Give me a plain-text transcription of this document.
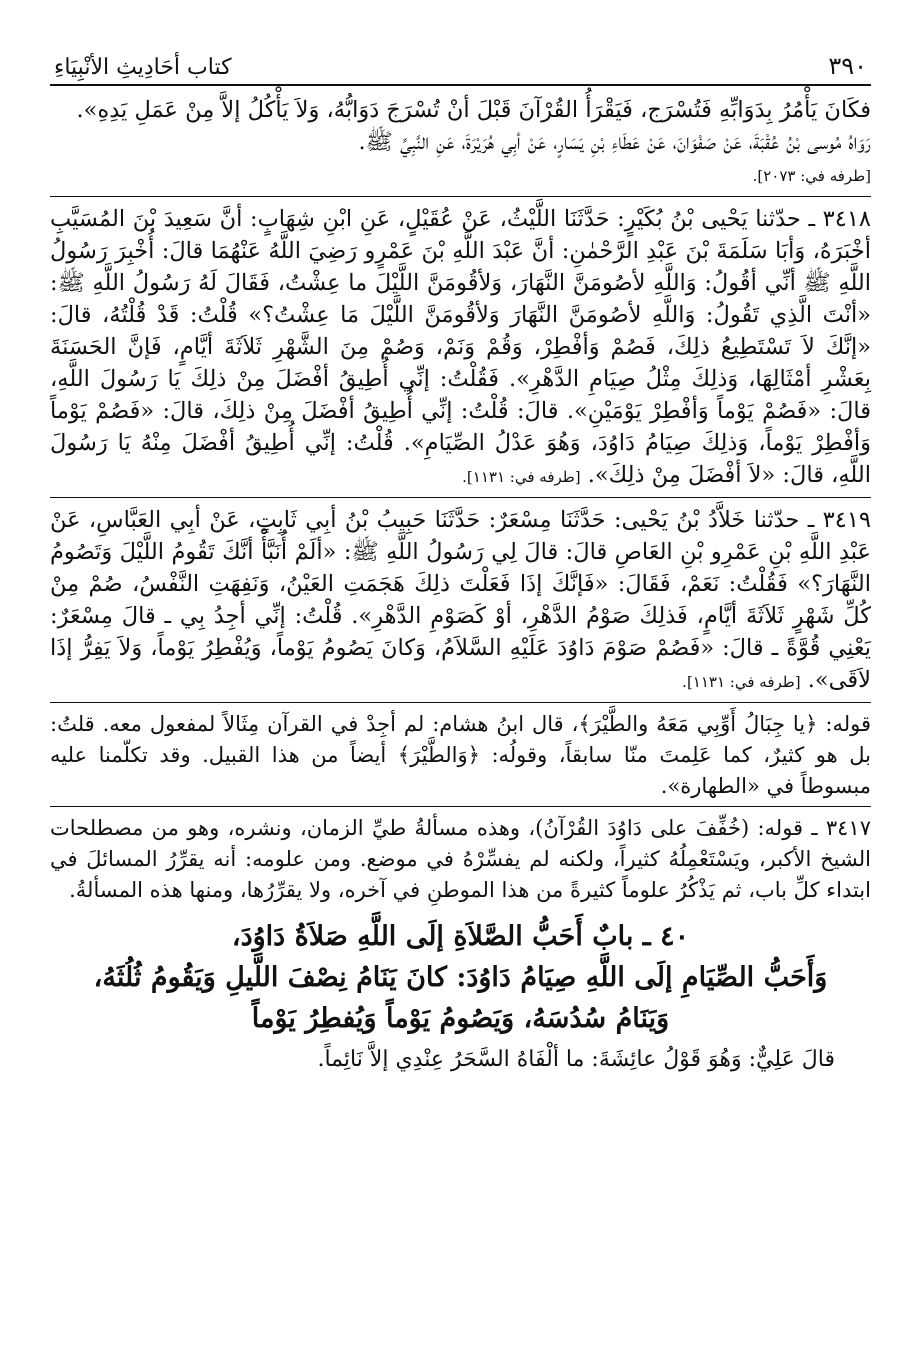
٣٩٠
كتاب أحَادِيثِ الأنْبِيَاءِ

فكَانَ يَأْمُرُ بِدَوَابِّهِ فَتُسْرَج، فَيَقْرَأُ القُرْآنَ قَبْلَ أنْ تُسْرَجَ دَوَابُّهُ، وَلاَ يَأْكُلُ إلاَّ مِنْ عَمَلِ يَدِهِ».

رَوَاهُ مُوسى بْنُ عُقْبَةَ، عَنْ صَفْوَانَ، عَنْ عَطَاءِ بْنِ يَسَارٍ، عَنْ أبِي هُرَيْرَةَ، عَنِ النَّبِيِّ ﷺ.

[طرفه في: ٢٠٧٣].

٣٤١٨ ـ حدّثنا يَحْيى بْنُ بُكَيْرٍ: حَدَّثَنَا اللَّيْثُ، عَنْ عُقَيْلٍ، عَنِ ابْنِ شِهَابٍ: أنَّ سَعِيدَ بْنَ المُسَيَّبِ أخْبَرَهُ، وَأبَا سَلَمَةَ بْنَ عَبْدِ الرَّحْمٰنِ: أنَّ عَبْدَ اللَّهِ بْنَ عَمْرٍو رَضِيَ اللَّهُ عَنْهُمَا قالَ: أُخْبِرَ رَسُولُ اللَّهِ ﷺ أنِّي أقُولُ: وَاللَّهِ لأصُومَنَّ النَّهَارَ، وَلأقُومَنَّ اللَّيْلَ ما عِشْتُ، فَقَالَ لَهُ رَسُولُ اللَّهِ ﷺ: «أنْتَ الَّذِي تَقُولُ: وَاللَّهِ لأصُومَنَّ النَّهَارَ وَلأقُومَنَّ اللَّيْلَ مَا عِشْتُ؟» قُلْتُ: قَدْ قُلْتُهُ، قالَ: «إنَّكَ لاَ تَسْتَطِيعُ ذلِكَ، فَصُمْ وَأفْطِرْ، وَقُمْ وَنَمْ، وَصُمْ مِنَ الشَّهْرِ ثَلاَثَةَ أيَّامٍ، فَإنَّ الحَسَنَةَ بِعَشْرِ أمْثَالِهَا، وَذلِكَ مِثْلُ صِيَامِ الدَّهْرِ». فَقُلْتُ: إنِّي أُطِيقُ أفْضَلَ مِنْ ذلِكَ يَا رَسُولَ اللَّهِ، قالَ: «فَصُمْ يَوْماً وَأفْطِرْ يَوْمَيْنِ». قالَ: قُلْتُ: إنِّي أُطِيقُ أفْضَلَ مِنْ ذلِكَ، قالَ: «فَصُمْ يَوْماً وَأفْطِرْ يَوْماً، وَذلِكَ صِيَامُ دَاوُدَ، وَهُوَ عَدْلُ الصِّيَامِ». قُلْتُ: إنِّي أُطِيقُ أفْضَلَ مِنْهُ يَا رَسُولَ اللَّهِ، قالَ: «لاَ أفْضَلَ مِنْ ذلِكَ». [طرفه في: ١١٣١].

٣٤١٩ ـ حدّثنا خَلاَّدُ بْنُ يَحْيى: حَدَّثَنَا مِسْعَرٌ: حَدَّثَنَا حَبِيبُ بْنُ أبِي ثَابِتٍ، عَنْ أبِي العَبَّاسِ، عَنْ عَبْدِ اللَّهِ بْنِ عَمْرِو بْنِ العَاصِ قالَ: قالَ لِي رَسُولُ اللَّهِ ﷺ: «ألَمْ أُنَبَّأْ أنَّكَ تَقُومُ اللَّيْلَ وَتَصُومُ النَّهَارَ؟» فَقُلْتُ: نَعَمْ، فَقَالَ: «فَإنَّكَ إذَا فَعَلْتَ ذلِكَ هَجَمَتِ العَيْنُ، وَنَفِهَتِ النَّفْسُ، صُمْ مِنْ كُلِّ شَهْرٍ ثَلاَثَةَ أيَّامٍ، فَذلِكَ صَوْمُ الدَّهْرِ، أوْ كَصَوْمِ الدَّهْرِ». قُلْتُ: إنِّي أجِدُ بِي ـ قالَ مِسْعَرٌ: يَعْنِي قُوَّةً ـ قالَ: «فَصُمْ صَوْمَ دَاوُدَ عَلَيْهِ السَّلاَمُ، وَكانَ يَصُومُ يَوْماً، وَيُفْطِرُ يَوْماً، وَلاَ يَفِرُّ إذَا لاَقَى». [طرفه في: ١١٣١].

قوله: ﴿يا جِبَالُ أَوِّبِي مَعَهُ والطَّيْرَ﴾، قال ابنُ هشام: لم أجِدْ في القرآن مِثَالاً لمفعول معه. قلتُ: بل هو كثيرٌ، كما عَلِمتَ منّا سابقاً، وقولُه: ﴿وَالطَّيْرَ﴾ أيضاً من هذا القبيل. وقد تكلّمنا عليه مبسوطاً في «الطهارة».

٣٤١٧ ـ قوله: (خُفِّفَ على دَاوُدَ القُرْآنُ)، وهذه مسألةُ طيِّ الزمان، ونشره، وهو من مصطلحات الشيخ الأكبر، ويَسْتَعْمِلُهُ كثيراً، ولكنه لم يفسِّرْهُ في موضع. ومن علومه: أنه يقرِّرُ المسائلَ في ابتداء كلِّ باب، ثم يَذْكُرُ علوماً كثيرةً من هذا الموطنِ في آخره، ولا يقرِّرُها، ومنها هذه المسألةُ.

٤٠ ـ بابٌ أَحَبُّ الصَّلاَةِ إلَى اللَّهِ صَلاَةُ دَاوُدَ،
وَأَحَبُّ الصِّيَامِ إلَى اللَّهِ صِيَامُ دَاوُدَ: كانَ يَنَامُ نِصْفَ اللَّيلِ وَيَقُومُ ثُلُثَهُ،
وَيَنَامُ سُدُسَهُ، وَيَصُومُ يَوْماً وَيُفطِرُ يَوْماً

قالَ عَلِيٌّ: وَهُوَ قَوْلُ عائِشَةَ: ما ألْفَاهُ السَّحَرُ عِنْدِي إلاَّ نَائِماً.
